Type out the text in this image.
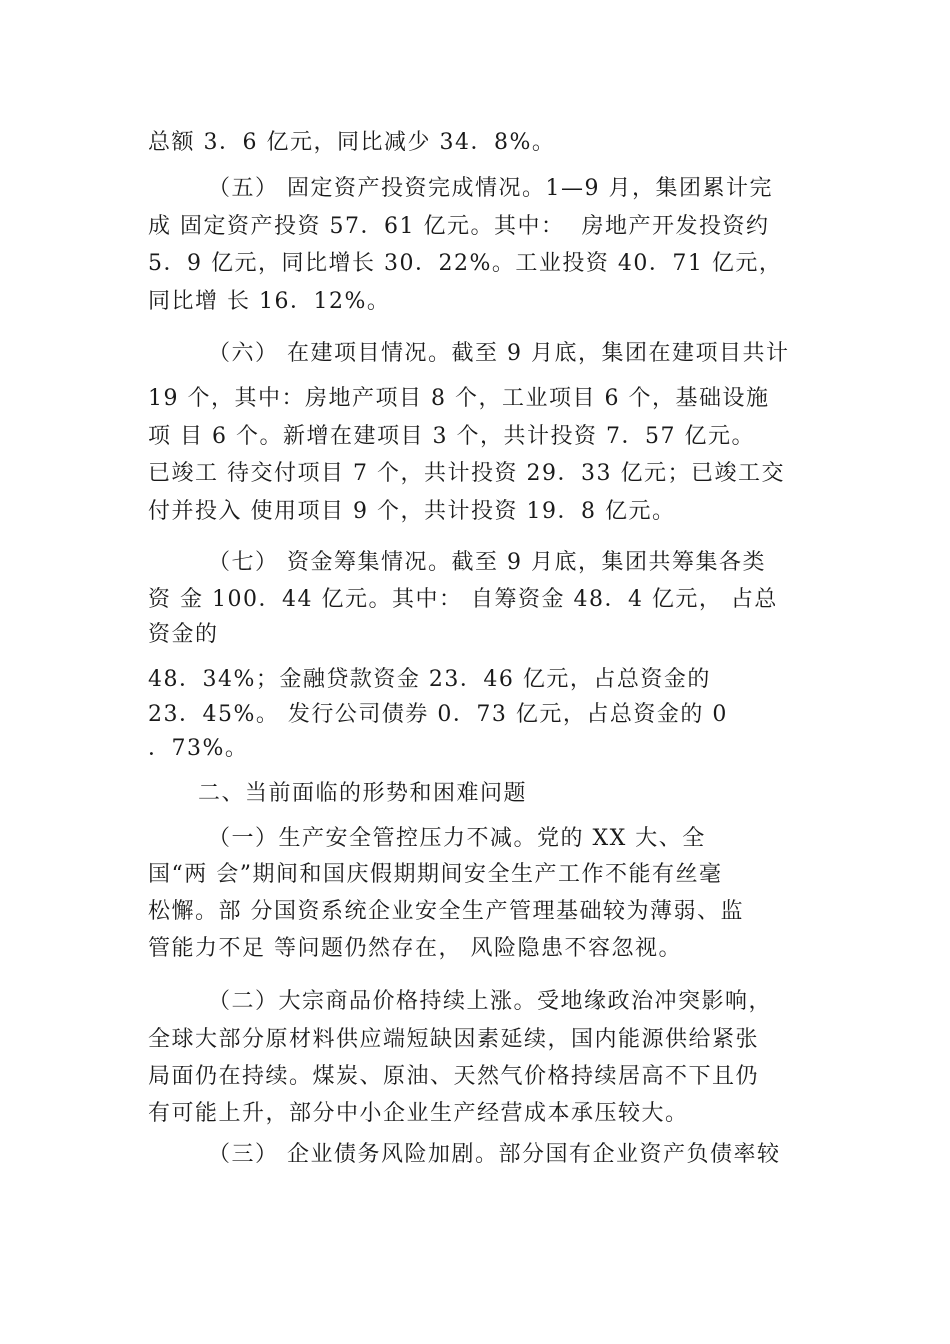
总额 3．6 亿元，同比减少 34．8%。
（五） 固定资产投资完成情况。1—9 月，集团累计完
成 固定资产投资 57．61 亿元。其中：  房地产开发投资约
5．9 亿元，同比增长 30．22%。工业投资 40．71 亿元，
同比增 长 16．12%。
（六） 在建项目情况。截至 9 月底，集团在建项目共计
19 个，其中：房地产项目 8 个，工业项目 6 个，基础设施
项 目 6 个。新增在建项目 3 个，共计投资 7．57 亿元。
已竣工 待交付项目 7 个，共计投资 29．33 亿元；已竣工交
付并投入 使用项目 9 个，共计投资 19．8 亿元。
（七） 资金筹集情况。截至 9 月底，集团共筹集各类
资 金 100．44 亿元。其中： 自筹资金 48．4 亿元， 占总
资金的
48．34%；金融贷款资金 23．46 亿元，占总资金的
23．45%。 发行公司债券 0．73 亿元，占总资金的 0
．73%。
二、当前面临的形势和困难问题
（一）生产安全管控压力不减。党的 XX 大、全
国“两 会”期间和国庆假期期间安全生产工作不能有丝毫
松懈。部 分国资系统企业安全生产管理基础较为薄弱、监
管能力不足 等问题仍然存在， 风险隐患不容忽视。
（二）大宗商品价格持续上涨。受地缘政治冲突影响，
全球大部分原材料供应端短缺因素延续，国内能源供给紧张
局面仍在持续。煤炭、原油、天然气价格持续居高不下且仍
有可能上升，部分中小企业生产经营成本承压较大。
（三） 企业债务风险加剧。部分国有企业资产负债率较
